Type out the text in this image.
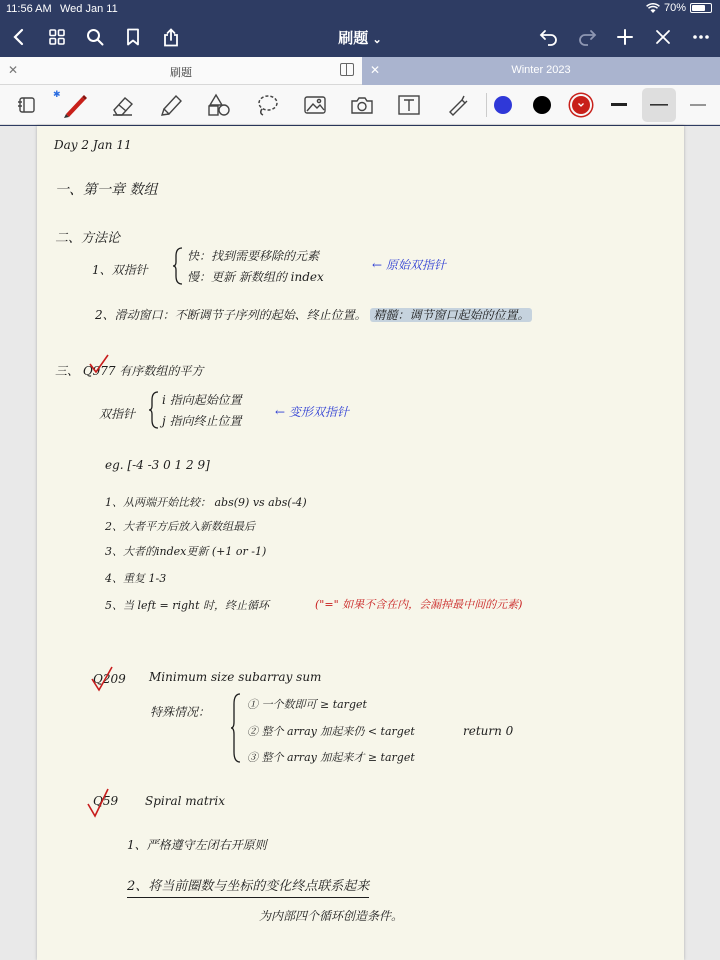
11:56 AM Wed Jan 11	70%
刷题 ⌄
✕	刷题	✕	Winter 2023
✱
Day 2 Jan 11
一、第一章 数组
二、方法论
1、双指针
快：找到需要移除的元素
慢：更新 新数组的 index
← 原始双指针
2、滑动窗口：不断调节子序列的起始、终止位置。 精髓：调节窗口起始的位置。
三、 Q977 有序数组的平方
双指针
i 指向起始位置
j 指向终止位置
← 变形双指针
eg. [-4 -3 0 1 2 9]
1、从两端开始比较： abs(9) vs abs(-4)
2、大者平方后放入新数组最后
3、大者的index更新 (+1 or -1)
4、重复 1-3
5、当 left = right 时，终止循环	("=" 如果不含在内，会漏掉最中间的元素)
Q209 Minimum size subarray sum
特殊情况：
① 一个数即可 ≥ target
② 整个 array 加起来仍 < target
③ 整个 array 加起来才 ≥ target
return 0
Q59 Spiral matrix
1、严格遵守左闭右开原则
2、将当前圈数与坐标的变化终点联系起来
为内部四个循环创造条件。
